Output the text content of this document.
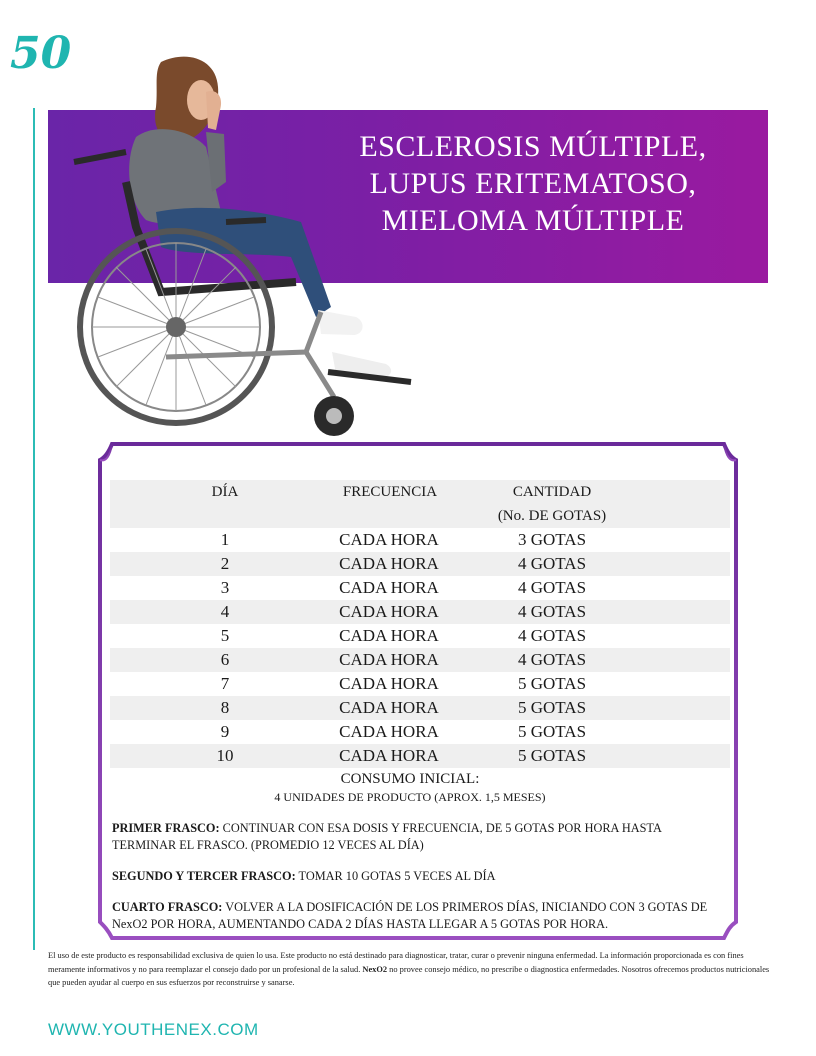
50
ESCLEROSIS MÚLTIPLE,
LUPUS ERITEMATOSO,
MIELOMA MÚLTIPLE
DÍA	FRECUENCIA	CANTIDAD
(No. DE GOTAS)
1	CADA HORA	3 GOTAS
2	CADA HORA	4 GOTAS
3	CADA HORA	4 GOTAS
4	CADA HORA	4 GOTAS
5	CADA HORA	4 GOTAS
6	CADA HORA	4 GOTAS
7	CADA HORA	5 GOTAS
8	CADA HORA	5 GOTAS
9	CADA HORA	5 GOTAS
10	CADA HORA	5 GOTAS
CONSUMO INICIAL:
4 UNIDADES DE PRODUCTO (APROX. 1,5 MESES)

PRIMER FRASCO: CONTINUAR CON ESA DOSIS Y FRECUENCIA, DE 5 GOTAS POR HORA HASTA TERMINAR EL FRASCO. (PROMEDIO 12 VECES AL DÍA)

SEGUNDO Y TERCER FRASCO: TOMAR 10 GOTAS 5 VECES AL DÍA

CUARTO FRASCO: VOLVER A LA DOSIFICACIÓN DE LOS PRIMEROS DÍAS, INICIANDO CON 3 GOTAS DE NexO2 POR HORA, AUMENTANDO CADA 2 DÍAS HASTA LLEGAR A 5 GOTAS POR HORA.

El uso de este producto es responsabilidad exclusiva de quien lo usa. Este producto no está destinado para diagnosticar, tratar, curar o prevenir ninguna enfermedad. La información proporcionada es con fines meramente informativos y no para reemplazar el consejo dado por un profesional de la salud. NexO2 no provee consejo médico, no prescribe o diagnostica enfermedades. Nosotros ofrecemos productos nutricionales que pueden ayudar al cuerpo en sus esfuerzos por reconstruirse y sanarse.

WWW.YOUTHENEX.COM
